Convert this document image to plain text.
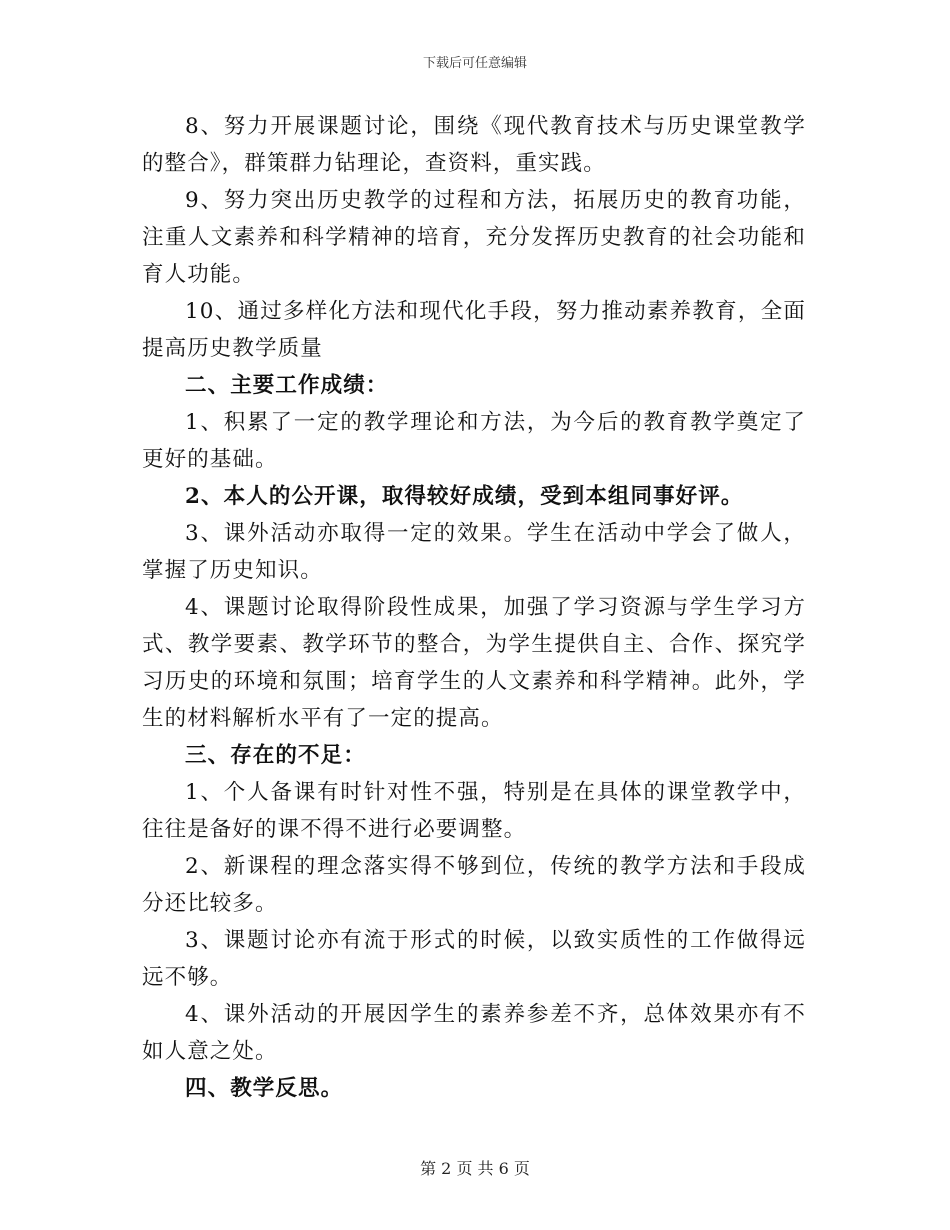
下载后可任意编辑

8、努力开展课题讨论，围绕《现代教育技术与历史课堂教学的整合》，群策群力钻理论，查资料，重实践。

9、努力突出历史教学的过程和方法，拓展历史的教育功能，注重人文素养和科学精神的培育，充分发挥历史教育的社会功能和育人功能。

10、通过多样化方法和现代化手段，努力推动素养教育，全面提高历史教学质量

二、主要工作成绩：

1、积累了一定的教学理论和方法，为今后的教育教学奠定了更好的基础。

2、本人的公开课，取得较好成绩，受到本组同事好评。

3、课外活动亦取得一定的效果。学生在活动中学会了做人，掌握了历史知识。

4、课题讨论取得阶段性成果，加强了学习资源与学生学习方式、教学要素、教学环节的整合，为学生提供自主、合作、探究学习历史的环境和氛围；培育学生的人文素养和科学精神。此外，学生的材料解析水平有了一定的提高。

三、存在的不足：

1、个人备课有时针对性不强，特别是在具体的课堂教学中，往往是备好的课不得不进行必要调整。

2、新课程的理念落实得不够到位，传统的教学方法和手段成分还比较多。

3、课题讨论亦有流于形式的时候，以致实质性的工作做得远远不够。

4、课外活动的开展因学生的素养参差不齐，总体效果亦有不如人意之处。

四、教学反思。

第 2 页 共 6 页
